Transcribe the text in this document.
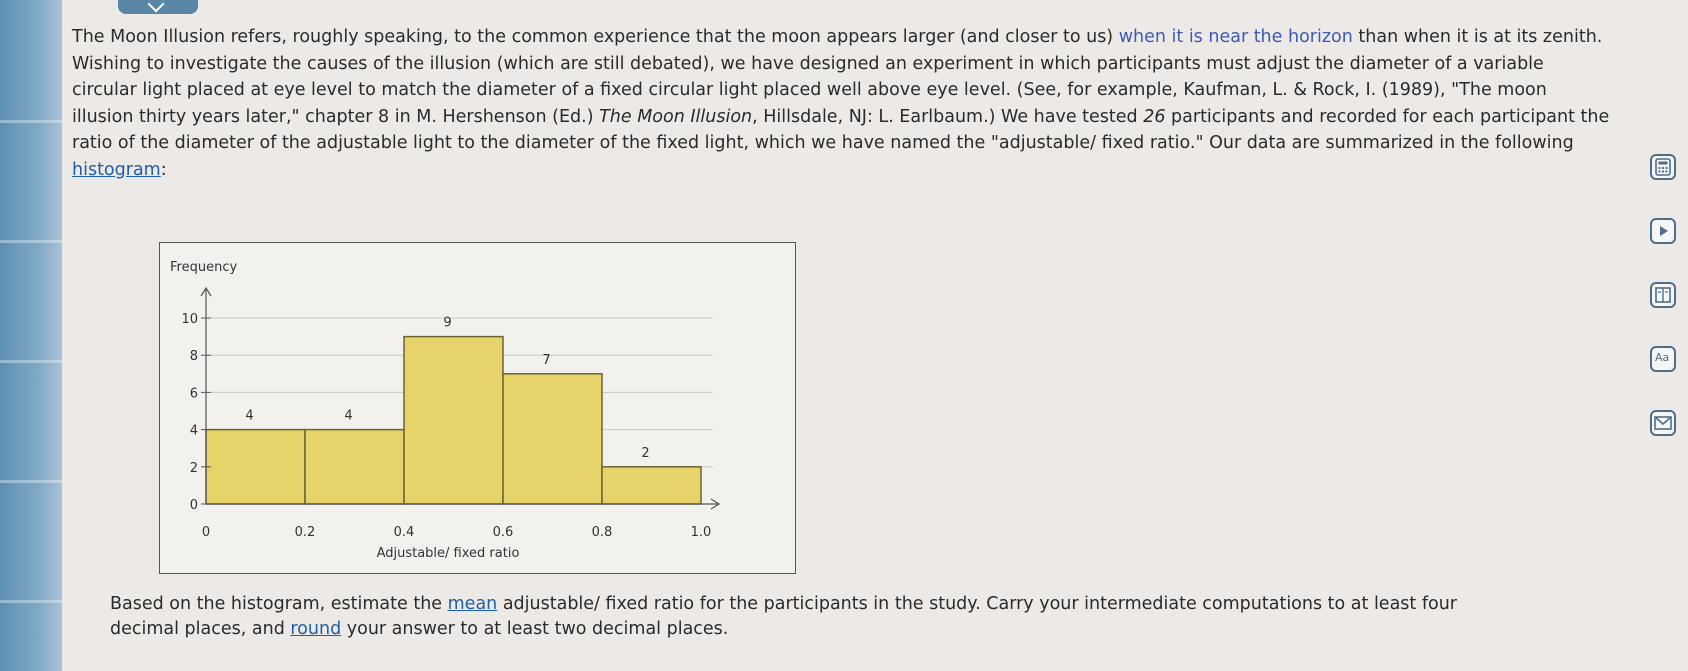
The Moon Illusion refers, roughly speaking, to the common experience that the moon appears larger (and closer to us) when it is near the horizon than when it is at its zenith. Wishing to investigate the causes of the illusion (which are still debated), we have designed an experiment in which participants must adjust the diameter of a variable circular light placed at eye level to match the diameter of a fixed circular light placed well above eye level. (See, for example, Kaufman, L. & Rock, I. (1989), "The moon illusion thirty years later," chapter 8 in M. Hershenson (Ed.) The Moon Illusion, Hillsdale, NJ: L. Earlbaum.) We have tested 26 participants and recorded for each participant the ratio of the diameter of the adjustable light to the diameter of the fixed light, which we have named the "adjustable/ fixed ratio." Our data are summarized in the following histogram:

0
2
4
6
8
10
4	4
9
7
2
0	0.2	0.4	0.6	0.8	1.0
Frequency
Adjustable/ fixed ratio

Based on the histogram, estimate the mean adjustable/ fixed ratio for the participants in the study. Carry your intermediate computations to at least four decimal places, and round your answer to at least two decimal places.

Aa
